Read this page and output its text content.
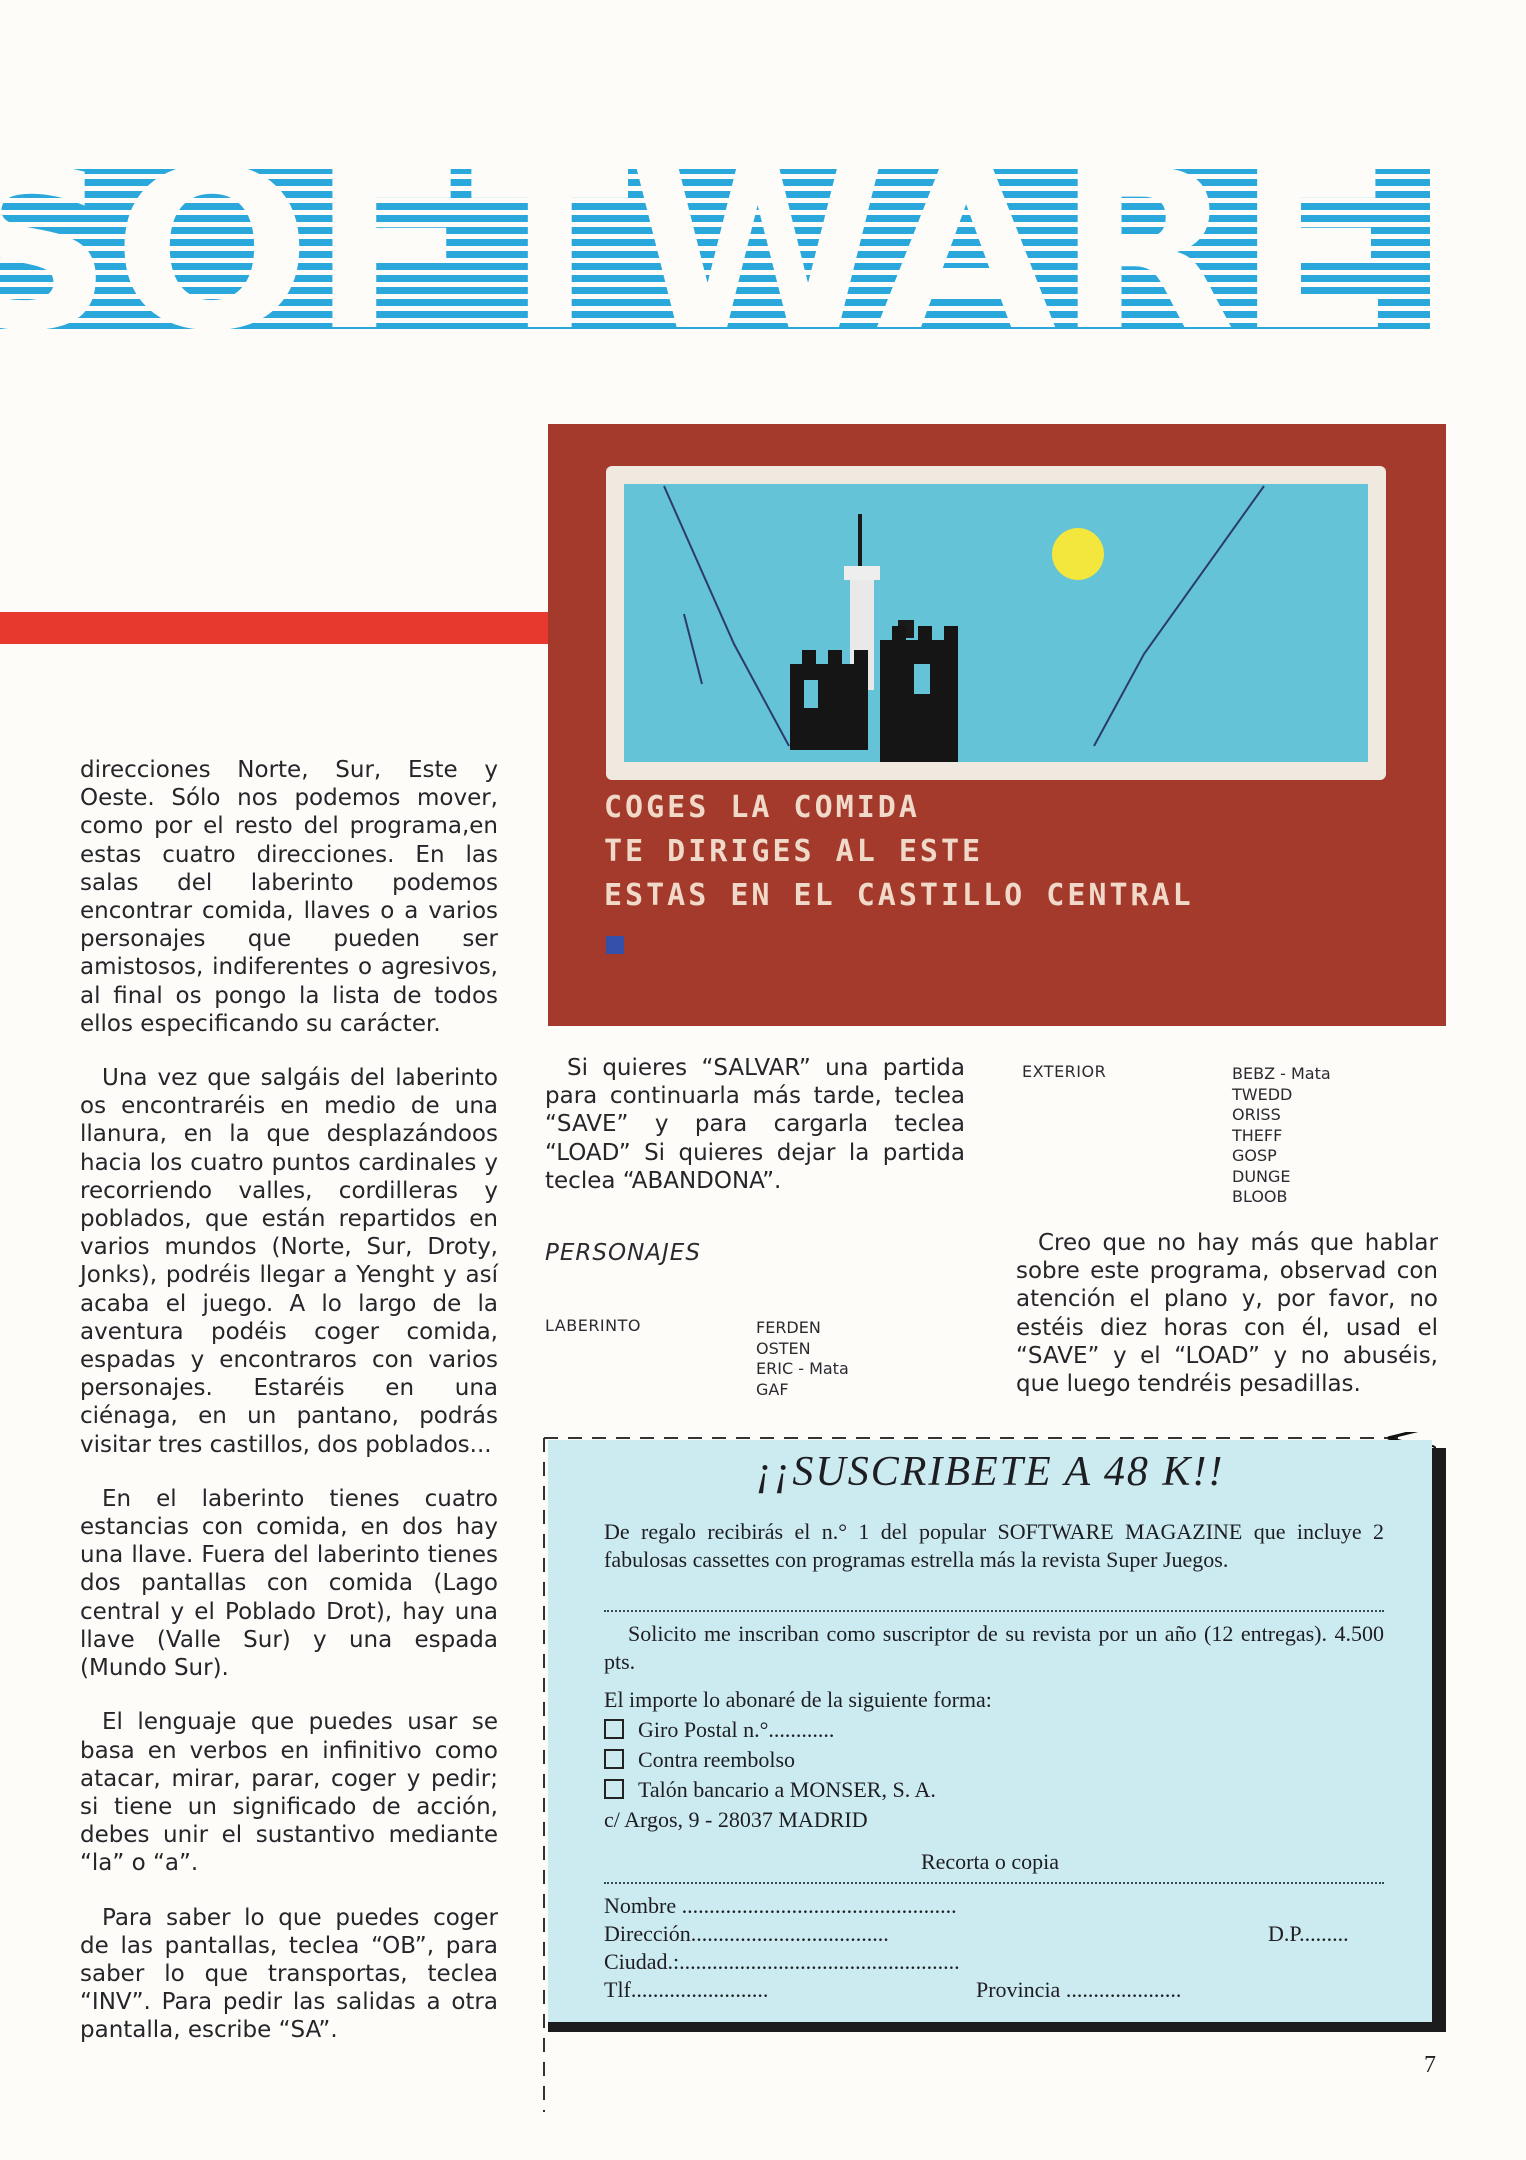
COGES LA COMIDA
TE DIRIGES AL ESTE
ESTAS EN EL CASTILLO CENTRAL

direcciones Norte, Sur, Este y Oeste. Sólo nos podemos mover, como por el resto del programa,en estas cuatro direcciones. En las salas del laberinto podemos encontrar comida, llaves o a varios personajes que pueden ser amistosos, indiferentes o agresivos, al final os pongo la lista de todos ellos especificando su carácter.

Una vez que salgáis del laberinto os encontraréis en medio de una llanura, en la que desplazándoos hacia los cuatro puntos cardinales y recorriendo valles, cordilleras y poblados, que están repartidos en varios mundos (Norte, Sur, Droty, Jonks), podréis llegar a Yenght y así acaba el juego. A lo largo de la aventura podéis coger comida, espadas y encontraros con varios personajes. Estaréis en una ciénaga, en un pantano, podrás visitar tres castillos, dos poblados...

En el laberinto tienes cuatro estancias con comida, en dos hay una llave. Fuera del laberinto tienes dos pantallas con comida (Lago central y el Poblado Drot), hay una llave (Valle Sur) y una espada (Mundo Sur).

El lenguaje que puedes usar se basa en verbos en infinitivo como atacar, mirar, parar, coger y pedir; si tiene un significado de acción, debes unir el sustantivo mediante “la” o “a”.

Para saber lo que puedes coger de las pantallas, teclea “OB”, para saber lo que transportas, teclea “INV”. Para pedir las salidas a otra pantalla, escribe “SA”.

Si quieres “SALVAR” una partida para continuarla más tarde, teclea “SAVE” y para cargarla teclea “LOAD” Si quieres dejar la partida teclea “ABANDONA”.

PERSONAJES
LABERINTO	FERDEN
OSTEN
ERIC - Mata
GAF
EXTERIOR	BEBZ - Mata
TWEDD
ORISS
THEFF
GOSP
DUNGE
BLOOB

Creo que no hay más que hablar sobre este programa, observad con atención el plano y, por favor, no estéis diez horas con él, usad el “SAVE” y el “LOAD” y no abuséis, que luego tendréis pesadillas.

¡¡SUSCRIBETE A 48 K!!
De regalo recibirás el n.° 1 del popular SOFTWARE MAGAZINE que incluye 2 fabulosas cassettes con programas estrella más la revista Super Juegos.
Solicito me inscriban como suscriptor de su revista por un año (12 entregas). 4.500 pts.
El importe lo abonaré de la siguiente forma:
Giro Postal n.°............
Contra reembolso
Talón bancario a MONSER, S. A.
c/ Argos, 9 - 28037 MADRID
Recorta o copia
Nombre ..................................................
Dirección....................................	D.P.........
Ciudad.:...................................................
Tlf.........................	Provincia .....................
7
